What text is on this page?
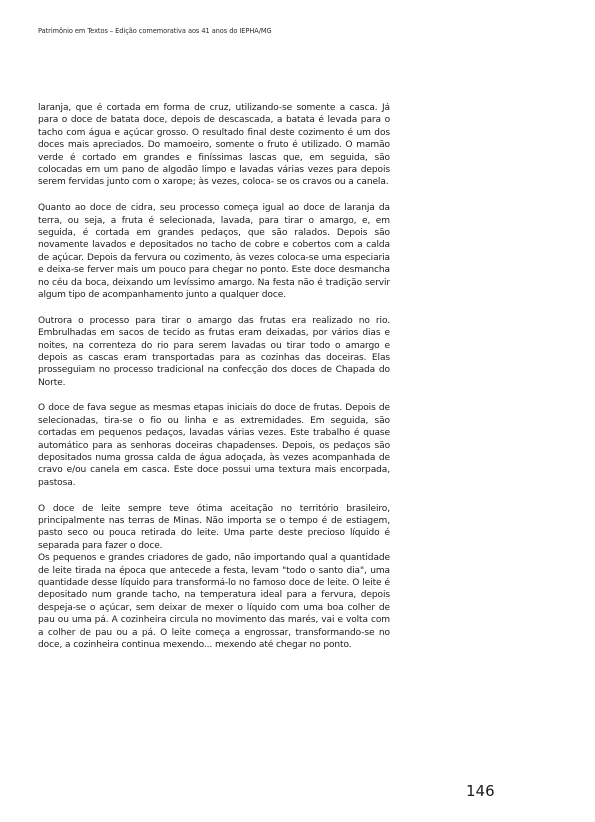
Patrimônio em Textos – Edição comemorativa aos 41 anos do IEPHA/MG

laranja, que é cortada em forma de cruz, utilizando-se somente a casca. Já para o doce de batata doce, depois de descascada, a batata é levada para o tacho com água e açúcar grosso. O resultado final deste cozimento é um dos doces mais apreciados. Do mamoeiro, somente o fruto é utilizado. O mamão verde é cortado em grandes e finíssimas lascas que, em seguida, são colocadas em um pano de algodão limpo e lavadas várias vezes para depois serem fervidas junto com o xarope; às vezes, coloca- se os cravos ou a canela.

Quanto ao doce de cidra, seu processo começa igual ao doce de laranja da terra, ou seja, a fruta é selecionada, lavada, para tirar o amargo, e, em seguida, é cortada em grandes pedaços, que são ralados. Depois são novamente lavados e depositados no tacho de cobre e cobertos com a calda de açúcar. Depois da fervura ou cozimento, às vezes coloca-se uma especiaria e deixa-se ferver mais um pouco para chegar no ponto. Este doce desmancha no céu da boca, deixando um levíssimo amargo. Na festa não é tradição servir algum tipo de acompanhamento junto a qualquer doce.

Outrora o processo para tirar o amargo das frutas era realizado no rio. Embrulhadas em sacos de tecido as frutas eram deixadas, por vários dias e noites, na correnteza do rio para serem lavadas ou tirar todo o amargo e depois as cascas eram transportadas para as cozinhas das doceiras. Elas prosseguiam no processo tradicional na confecção dos doces de Chapada do Norte.

O doce de fava segue as mesmas etapas iniciais do doce de frutas. Depois de selecionadas, tira-se o fio ou linha e as extremidades. Em seguida, são cortadas em pequenos pedaços, lavadas várias vezes. Este trabalho é quase automático para as senhoras doceiras chapadenses. Depois, os pedaços são depositados numa grossa calda de água adoçada, às vezes acompanhada de cravo e/ou canela em casca. Este doce possui uma textura mais encorpada, pastosa.

O doce de leite sempre teve ótima aceitação no território brasileiro, principalmente nas terras de Minas. Não importa se o tempo é de estiagem, pasto seco ou pouca retirada do leite. Uma parte deste precioso líquido é separada para fazer o doce.

Os pequenos e grandes criadores de gado, não importando qual a quantidade de leite tirada na época que antecede a festa, levam "todo o santo dia", uma quantidade desse líquido para transformá-lo no famoso doce de leite. O leite é depositado num grande tacho, na temperatura ideal para a fervura, depois despeja-se o açúcar, sem deixar de mexer o líquido com uma boa colher de pau ou uma pá. A cozinheira circula no movimento das marés, vai e volta com a colher de pau ou a pá. O leite começa a engrossar, transformando-se no doce, a cozinheira continua mexendo... mexendo até chegar no ponto.

146
